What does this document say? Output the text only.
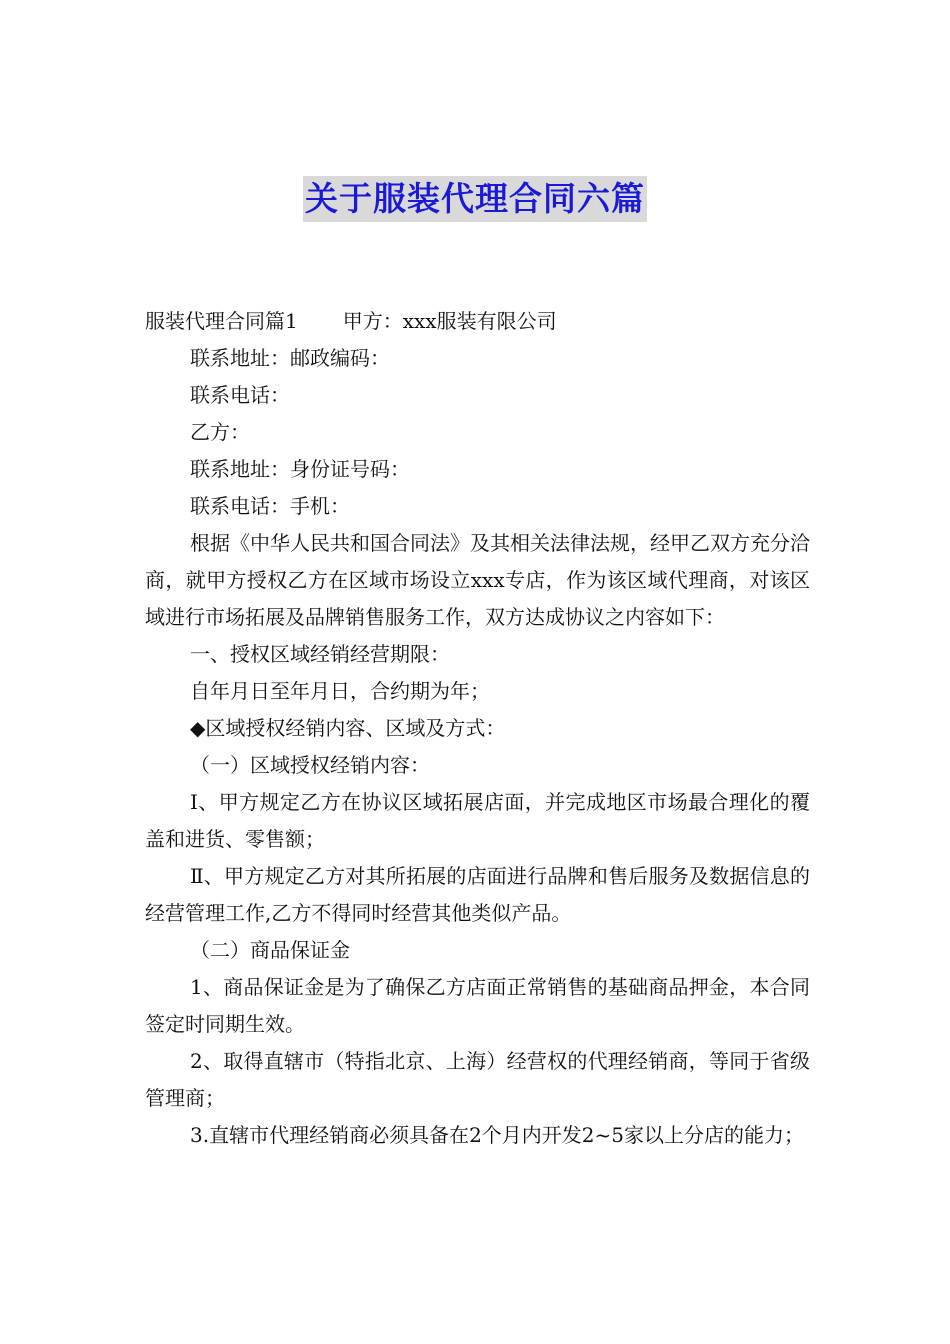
关于服装代理合同六篇
服装代理合同篇1 甲方：xxx服装有限公司
联系地址：邮政编码：
联系电话：
乙方：
联系地址：身份证号码：
联系电话：手机：
根据《中华人民共和国合同法》及其相关法律法规，经甲乙双方充分洽商，就甲方授权乙方在区域市场设立xxx专店，作为该区域代理商，对该区域进行市场拓展及品牌销售服务工作，双方达成协议之内容如下：
一、授权区域经销经营期限：
自年月日至年月日，合约期为年；
◆区域授权经销内容、区域及方式：
（一）区域授权经销内容：
Ⅰ、甲方规定乙方在协议区域拓展店面，并完成地区市场最合理化的覆盖和进货、零售额；
Ⅱ、甲方规定乙方对其所拓展的店面进行品牌和售后服务及数据信息的经营管理工作,乙方不得同时经营其他类似产品。
（二）商品保证金
1、商品保证金是为了确保乙方店面正常销售的基础商品押金，本合同签定时同期生效。
2、取得直辖市（特指北京、上海）经营权的代理经销商，等同于省级管理商；
3.直辖市代理经销商必须具备在2个月内开发2~5家以上分店的能力；
